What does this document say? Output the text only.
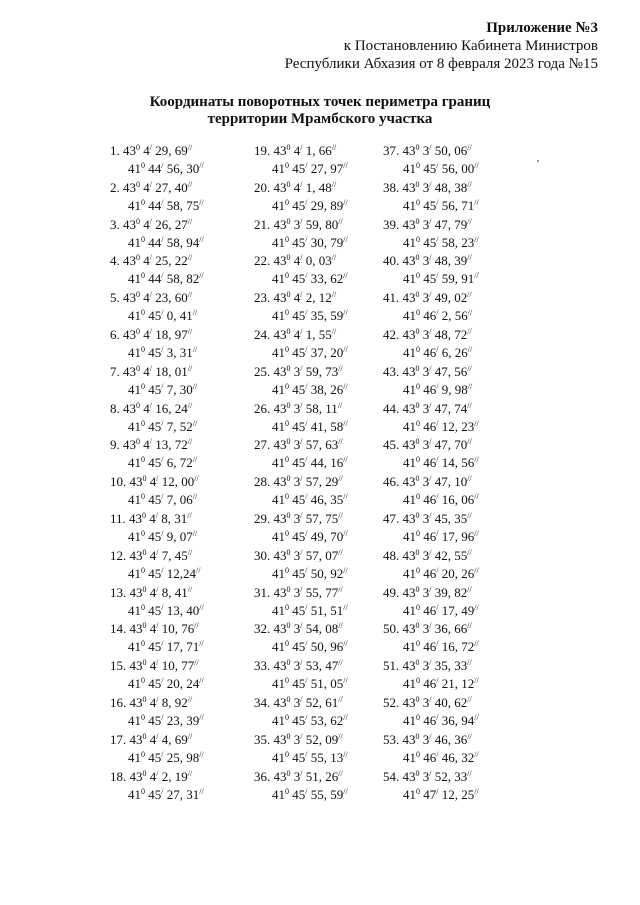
Приложение №3
к Постановлению Кабинета Министров
Республики Абхазия от 8 февраля 2023 года №15
Координаты поворотных точек периметра границ
территории Мрамбского участка
1. $43^0$ 4/ 29, 69//
$41^0$ 44/ 56, 30//
2. $43^0$ 4/ 27, 40//
$41^0$ 44/ 58, 75//
3. $43^0$ 4/ 26, 27//
$41^0$ 44/ 58, 94//
4. $43^0$ 4/ 25, 22//
$41^0$ 44/ 58, 82//
5. $43^0$ 4/ 23, 60//
$41^0$ 45/ 0, 41//
6. $43^0$ 4/ 18, 97//
$41^0$ 45/ 3, 31//
7. $43^0$ 4/ 18, 01//
$41^0$ 45/ 7, 30//
8. $43^0$ 4/ 16, 24//
$41^0$ 45/ 7, 52//
9. $43^0$ 4/ 13, 72//
$41^0$ 45/ 6, 72//
10. $43^0$ 4/ 12, 00//
$41^0$ 45/ 7, 06//
11. $43^0$ 4/ 8, 31//
$41^0$ 45/ 9, 07//
12. $43^0$ 4/ 7, 45//
$41^0$ 45/ 12,24//
13. $43^0$ 4/ 8, 41//
$41^0$ 45/ 13, 40//
14. $43^0$ 4/ 10, 76//
$41^0$ 45/ 17, 71//
15. $43^0$ 4/ 10, 77//
$41^0$ 45/ 20, 24//
16. $43^0$ 4/ 8, 92//
$41^0$ 45/ 23, 39//
17. $43^0$ 4/ 4, 69//
$41^0$ 45/ 25, 98//
18. $43^0$ 4/ 2, 19//
$41^0$ 45/ 27, 31//
19. $43^0$ 4/ 1, 66//
$41^0$ 45/ 27, 97//
20. $43^0$ 4/ 1, 48//
$41^0$ 45/ 29, 89//
21. $43^0$ 3/ 59, 80//
$41^0$ 45/ 30, 79//
22. $43^0$ 4/ 0, 03//
$41^0$ 45/ 33, 62//
23. $43^0$ 4/ 2, 12//
$41^0$ 45/ 35, 59//
24. $43^0$ 4/ 1, 55//
$41^0$ 45/ 37, 20//
25. $43^0$ 3/ 59, 73//
$41^0$ 45/ 38, 26//
26. $43^0$ 3/ 58, 11//
$41^0$ 45/ 41, 58//
27. $43^0$ 3/ 57, 63//
$41^0$ 45/ 44, 16//
28. $43^0$ 3/ 57, 29//
$41^0$ 45/ 46, 35//
29. $43^0$ 3/ 57, 75//
$41^0$ 45/ 49, 70//
30. $43^0$ 3/ 57, 07//
$41^0$ 45/ 50, 92//
31. $43^0$ 3/ 55, 77//
$41^0$ 45/ 51, 51//
32. $43^0$ 3/ 54, 08//
$41^0$ 45/ 50, 96//
33. $43^0$ 3/ 53, 47//
$41^0$ 45/ 51, 05//
34. $43^0$ 3/ 52, 61//
$41^0$ 45/ 53, 62//
35. $43^0$ 3/ 52, 09//
$41^0$ 45/ 55, 13//
36. $43^0$ 3/ 51, 26//
$41^0$ 45/ 55, 59//
37. $43^0$ 3/ 50, 06//
$41^0$ 45/ 56, 00//
38. $43^0$ 3/ 48, 38//
$41^0$ 45/ 56, 71//
39. $43^0$ 3/ 47, 79//
$41^0$ 45/ 58, 23//
40. $43^0$ 3/ 48, 39//
$41^0$ 45/ 59, 91//
41. $43^0$ 3/ 49, 02//
$41^0$ 46/ 2, 56//
42. $43^0$ 3/ 48, 72//
$41^0$ 46/ 6, 26//
43. $43^0$ 3/ 47, 56//
$41^0$ 46/ 9, 98//
44. $43^0$ 3/ 47, 74//
$41^0$ 46/ 12, 23//
45. $43^0$ 3/ 47, 70//
$41^0$ 46/ 14, 56//
46. $43^0$ 3/ 47, 10//
$41^0$ 46/ 16, 06//
47. $43^0$ 3/ 45, 35//
$41^0$ 46/ 17, 96//
48. $43^0$ 3/ 42, 55//
$41^0$ 46/ 20, 26//
49. $43^0$ 3/ 39, 82//
$41^0$ 46/ 17, 49//
50. $43^0$ 3/ 36, 66//
$41^0$ 46/ 16, 72//
51. $43^0$ 3/ 35, 33//
$41^0$ 46/ 21, 12//
52. $43^0$ 3/ 40, 62//
$41^0$ 46/ 36, 94//
53. $43^0$ 3/ 46, 36//
$41^0$ 46/ 46, 32//
54. $43^0$ 3/ 52, 33//
$41^0$ 47/ 12, 25//
